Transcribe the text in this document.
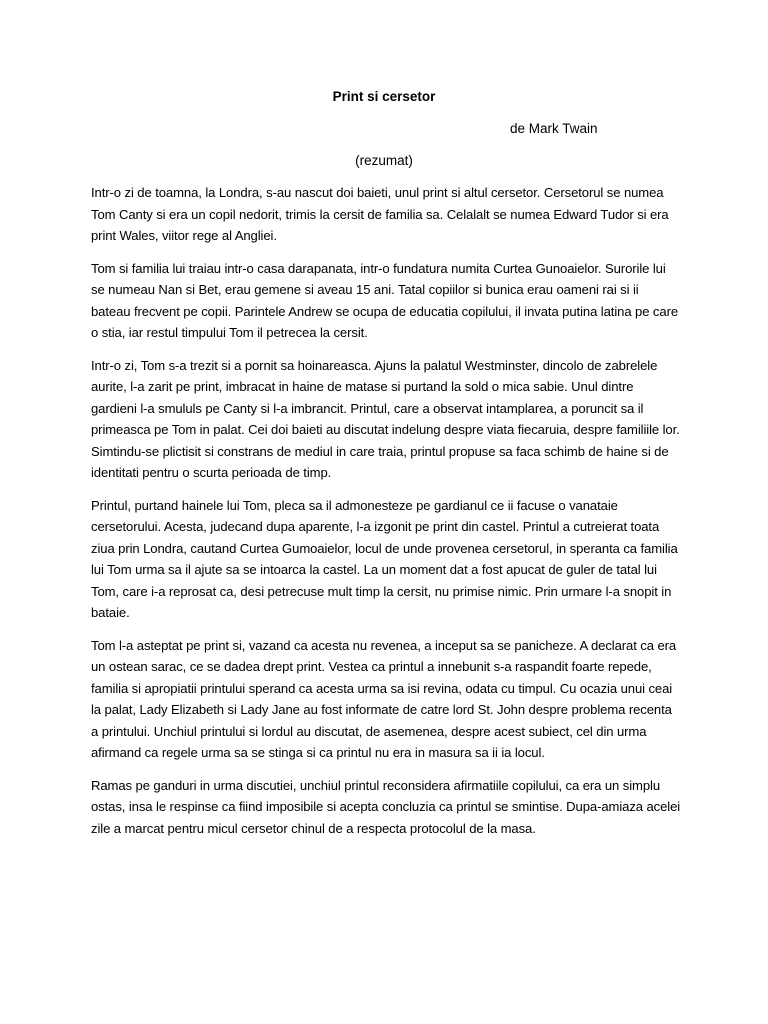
Print si cersetor
de Mark Twain
(rezumat)

Intr-o zi de toamna, la Londra, s-au nascut doi baieti, unul print si altul cersetor. Cersetorul se numea Tom Canty si era un copil nedorit, trimis la cersit de familia sa. Celalalt se numea Edward Tudor si era print Wales, viitor rege al Angliei.

Tom si familia lui traiau intr-o casa darapanata, intr-o fundatura numita Curtea Gunoaielor. Surorile lui se numeau Nan si Bet, erau gemene si aveau 15 ani. Tatal copiilor si bunica erau oameni rai si ii bateau frecvent pe copii. Parintele Andrew se ocupa de educatia copilului, il invata putina latina pe care o stia, iar restul timpului Tom il petrecea la cersit.

Intr-o zi, Tom s-a trezit si a pornit sa hoinareasca. Ajuns la palatul Westminster, dincolo de zabrelele aurite, l-a zarit pe print, imbracat in haine de matase si purtand la sold o mica sabie. Unul dintre gardieni l-a smululs pe Canty si l-a imbrancit. Printul, care a observat intamplarea, a poruncit sa il primeasca pe Tom in palat. Cei doi baieti au discutat indelung despre viata fiecaruia, despre familiile lor. Simtindu-se plictisit si constrans de mediul in care traia, printul propuse sa faca schimb de haine si de identitati pentru o scurta perioada de timp.

Printul, purtand hainele lui Tom, pleca sa il admonesteze pe gardianul ce ii facuse o vanataie cersetorului. Acesta, judecand dupa aparente, l-a izgonit pe print din castel. Printul a cutreierat toata ziua prin Londra, cautand Curtea Gumoaielor, locul de unde provenea cersetorul, in speranta ca familia lui Tom urma sa il ajute sa se intoarca la castel. La un moment dat a fost apucat de guler de tatal lui Tom, care i-a reprosat ca, desi petrecuse mult timp la cersit, nu primise nimic. Prin urmare l-a snopit in bataie.

Tom l-a asteptat pe print si, vazand ca acesta nu revenea, a inceput sa se panicheze. A declarat ca era un ostean sarac, ce se dadea drept print. Vestea ca printul a innebunit s-a raspandit foarte repede, familia si apropiatii printului sperand ca acesta urma sa isi revina, odata cu timpul. Cu ocazia unui ceai la palat, Lady Elizabeth si Lady Jane au fost informate de catre lord St. John despre problema recenta a printului. Unchiul printului si lordul au discutat, de asemenea, despre acest subiect, cel din urma afirmand ca regele urma sa se stinga si ca printul nu era in masura sa ii ia locul.

Ramas pe ganduri in urma discutiei, unchiul printul reconsidera afirmatiile copilului, ca era un simplu ostas, insa le respinse ca fiind imposibile si acepta concluzia ca printul se smintise. Dupa-amiaza acelei zile a marcat pentru micul cersetor chinul de a respecta protocolul de la masa.
